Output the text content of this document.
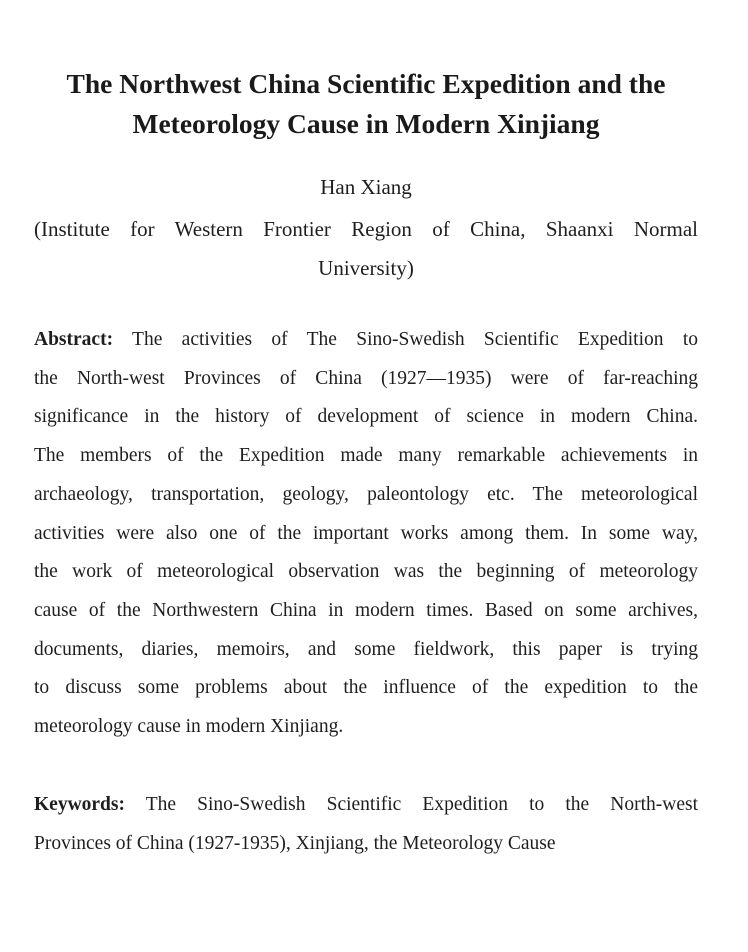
The Northwest China Scientific Expedition and the
Meteorology Cause in Modern Xinjiang

Han Xiang

(Institute for Western Frontier Region of China, Shaanxi Normal
University)

Abstract: The activities of The Sino-Swedish Scientific Expedition to
the North-west Provinces of China (1927—1935) were of far-reaching
significance in the history of development of science in modern China.
The members of the Expedition made many remarkable achievements in
archaeology, transportation, geology, paleontology etc. The meteorological
activities were also one of the important works among them. In some way,
the work of meteorological observation was the beginning of meteorology
cause of the Northwestern China in modern times. Based on some archives,
documents, diaries, memoirs, and some fieldwork, this paper is trying
to discuss some problems about the influence of the expedition to the
meteorology cause in modern Xinjiang.
Keywords: The Sino-Swedish Scientific Expedition to the North-west
Provinces of China (1927-1935), Xinjiang, the Meteorology Cause
